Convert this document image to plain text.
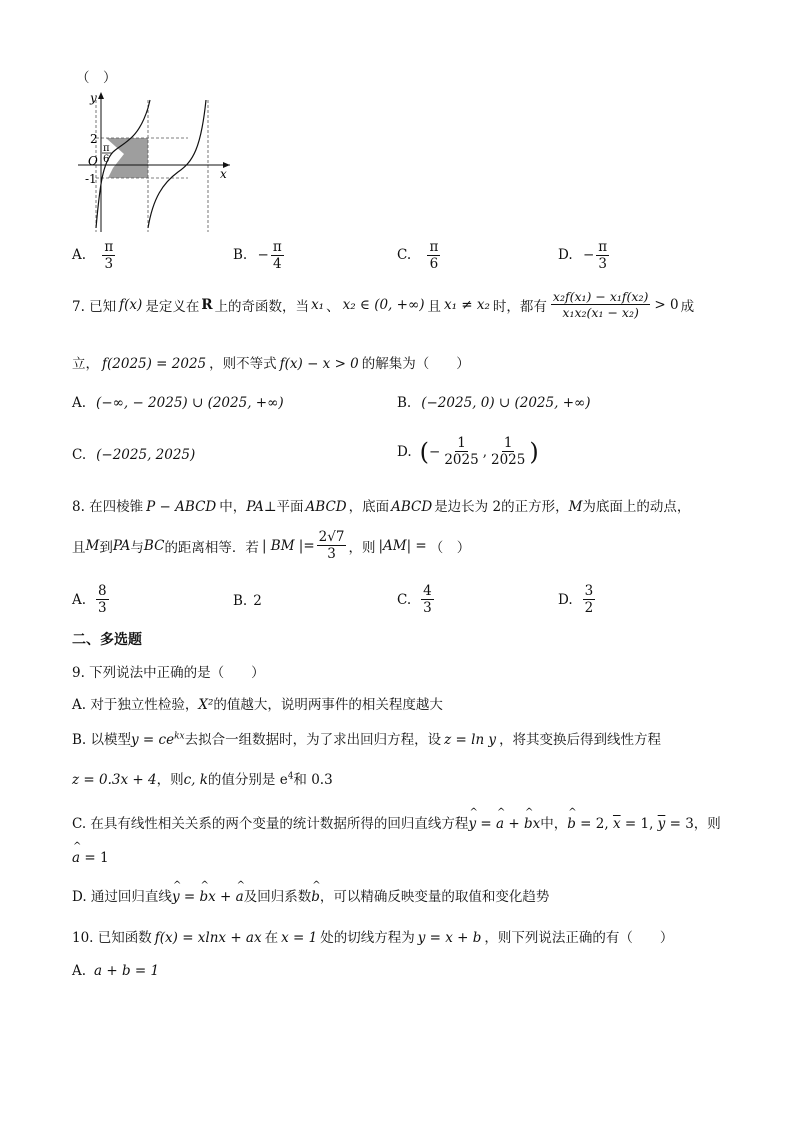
（　）
y
x
O
2
-1
π
6
A. $\frac{\pi}{3}$	B. − $\frac{\pi}{4}$	C. $\frac{\pi}{6}$	D. − $\frac{\pi}{3}$
7. 已知 f(x) 是定义在 R 上的奇函数，当 x₁ 、 x₂ ∈ (0, +∞) 且 x₁ ≠ x₂ 时，都有 $\frac{\text{x₂f(x₁) − x₁f(x₂)}}{\text{x₁x₂(x₁ − x₂)}} > 0$ 成
立， f(2025) = 2025 ，则不等式 f(x) − x > 0 的解集为（　　）
A. (−∞, − 2025) ∪ (2025, +∞)	B. (−2025, 0) ∪ (2025, +∞)
C. (−2025, 2025)	D. ( − $\frac{1}{2025}$ , $\frac{1}{2025}$ )
8. 在四棱锥 P − ABCD 中，PA⊥平面 ABCD ，底面 ABCD 是边长为 2的正方形，M为底面上的动点，
且 M 到 PA 与 BC 的距离相等．若 | BM |= $\frac{2√7}{3}$ ，则 |AM| = （　）
A. $\frac{8}{3}$	B. 2	C. $\frac{4}{3}$	D. $\frac{3}{2}$
二、多选题
9. 下列说法中正确的是（　　）
A. 对于独立性检验，X²的值越大，说明两事件的相关程度越大
B. 以模型$y = ce^{kx}$去拟合一组数据时，为了求出回归方程，设 z = ln y ，将其变换后得到线性方程
z = 0.3x + 4，则c, k的值分别是 $e^4$和 0.3
C. 在具有线性相关关系的两个变量的统计数据所得的回归直线方程^ y = ^ a + ^ bx中，^ b = 2, $\overline{x} = 1$, $\overline{y} = 3$，则
^ a = 1
D. 通过回归直线^ y = ^ bx + ^ a及回归系数^ b，可以精确反映变量的取值和变化趋势
10. 已知函数 f(x) = xlnx + ax 在 x = 1 处的切线方程为 y = x + b ，则下列说法正确的有（　　）
A. a + b = 1
